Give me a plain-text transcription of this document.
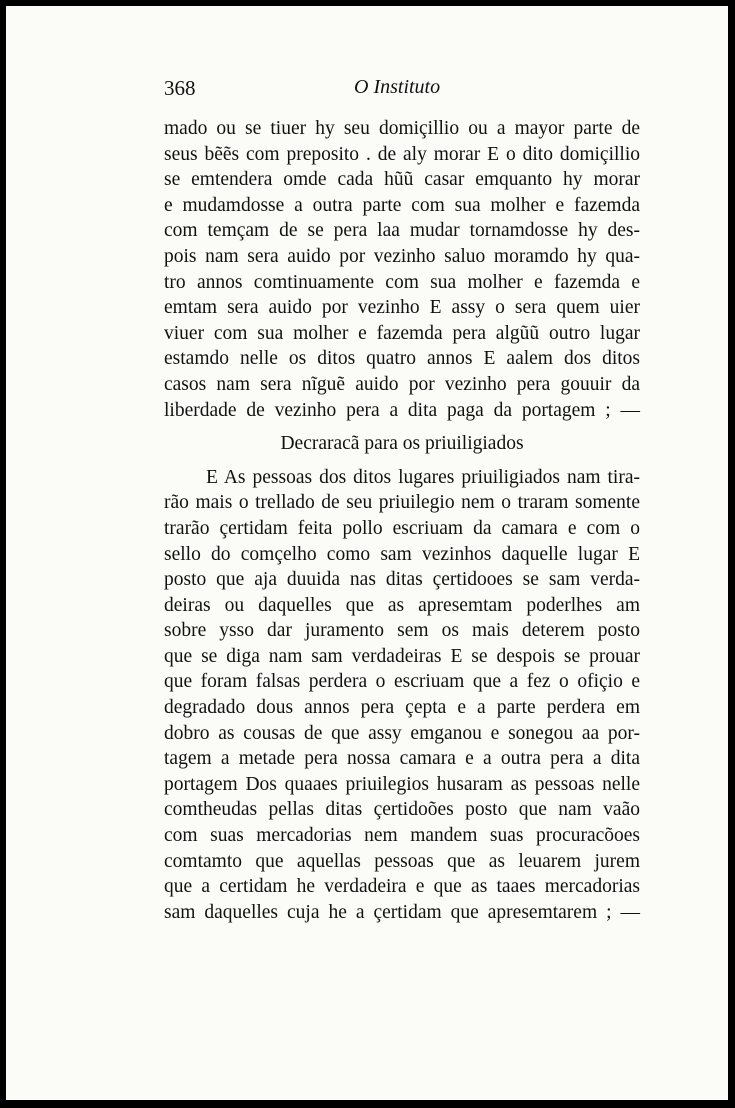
368	O Instituto
mado ou se tiuer hy seu domiçillio ou a mayor parte de
seus bẽẽs com preposito . de aly morar E o dito domiçillio
se emtendera omde cada hũũ casar emquanto hy morar
e mudamdosse a outra parte com sua molher e fazemda
com temçam de se pera laa mudar tornamdosse hy des-
pois nam sera auido por vezinho saluo moramdo hy qua-
tro annos comtinuamente com sua molher e fazemda e
emtam sera auido por vezinho E assy o sera quem uier
viuer com sua molher e fazemda pera algũũ outro lugar
estamdo nelle os ditos quatro annos E aalem dos ditos
casos nam sera nĩguẽ auido por vezinho pera gouuir da
liberdade de vezinho pera a dita paga da portagem ; —
Decraracã para os priuiligiados
E As pessoas dos ditos lugares priuiligiados nam tira-
rão mais o trellado de seu priuilegio nem o traram somente
trarão çertidam feita pollo escriuam da camara e com o
sello do comçelho como sam vezinhos daquelle lugar E
posto que aja duuida nas ditas çertidooes se sam verda-
deiras ou daquelles que as apresemtam poderlhes am
sobre ysso dar juramento sem os mais deterem posto
que se diga nam sam verdadeiras E se despois se prouar
que foram falsas perdera o escriuam que a fez o ofiçio e
degradado dous annos pera çepta e a parte perdera em
dobro as cousas de que assy emganou e sonegou aa por-
tagem a metade pera nossa camara e a outra pera a dita
portagem Dos quaaes priuilegios husaram as pessoas nelle
comtheudas pellas ditas çertidoões posto que nam vaão
com suas mercadorias nem mandem suas procuracõoes
comtamto que aquellas pessoas que as leuarem jurem
que a certidam he verdadeira e que as taaes mercadorias
sam daquelles cuja he a çertidam que apresemtarem ; —
